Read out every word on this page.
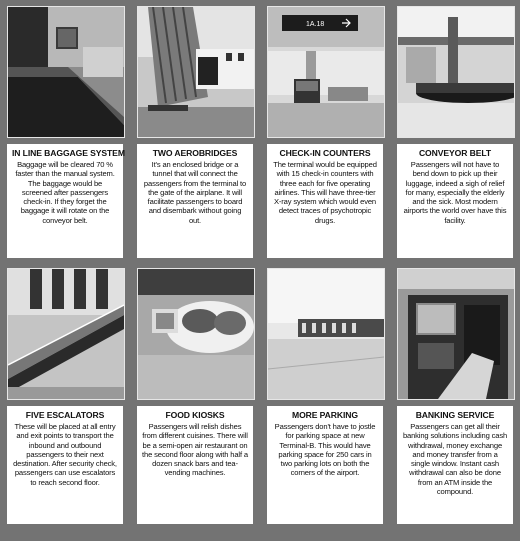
IN LINE BAGGAGE SYSTEM

Baggage will be cleared 70 % faster than the manual system. The baggage would be screened after passengers check-in. If they forget the baggage it will rotate on the conveyor belt.

TWO AEROBRIDGES

It's an enclosed bridge or a tunnel that will connect the passengers from the terminal to the gate of the airplane. It will facilitate passengers to board and disembark without going out.

1A.18
CHECK-IN COUNTERS

The terminal would be equipped with 15 check-in counters with three each for five operating airlines. This will have three-tier X-ray system which would even detect traces of psychotropic drugs.

CONVEYOR BELT

Passengers will not have to bend down to pick up their luggage, indeed a sigh of relief for many, especially the elderly and the sick. Most modern airports the world over have this facility.

FIVE ESCALATORS

These will be placed at all entry and exit points to transport the inbound and outbound passengers to their next destination. After security check, passengers can use escalators to reach second floor.

FOOD KIOSKS

Passengers will relish dishes from different cuisines. There will be a semi-open air restaurant on the second floor along with half a dozen snack bars and tea-vending machines.

MORE PARKING

Passengers don't have to jostle for parking space at new Terminal-B. This would have parking space for 250 cars in two parking lots on both the corners of the airport.

BANKING SERVICE

Passengers can get all their banking solutions including cash withdrawal, money exchange and money transfer from a single window. Instant cash withdrawal can also be done from an ATM inside the compound.
